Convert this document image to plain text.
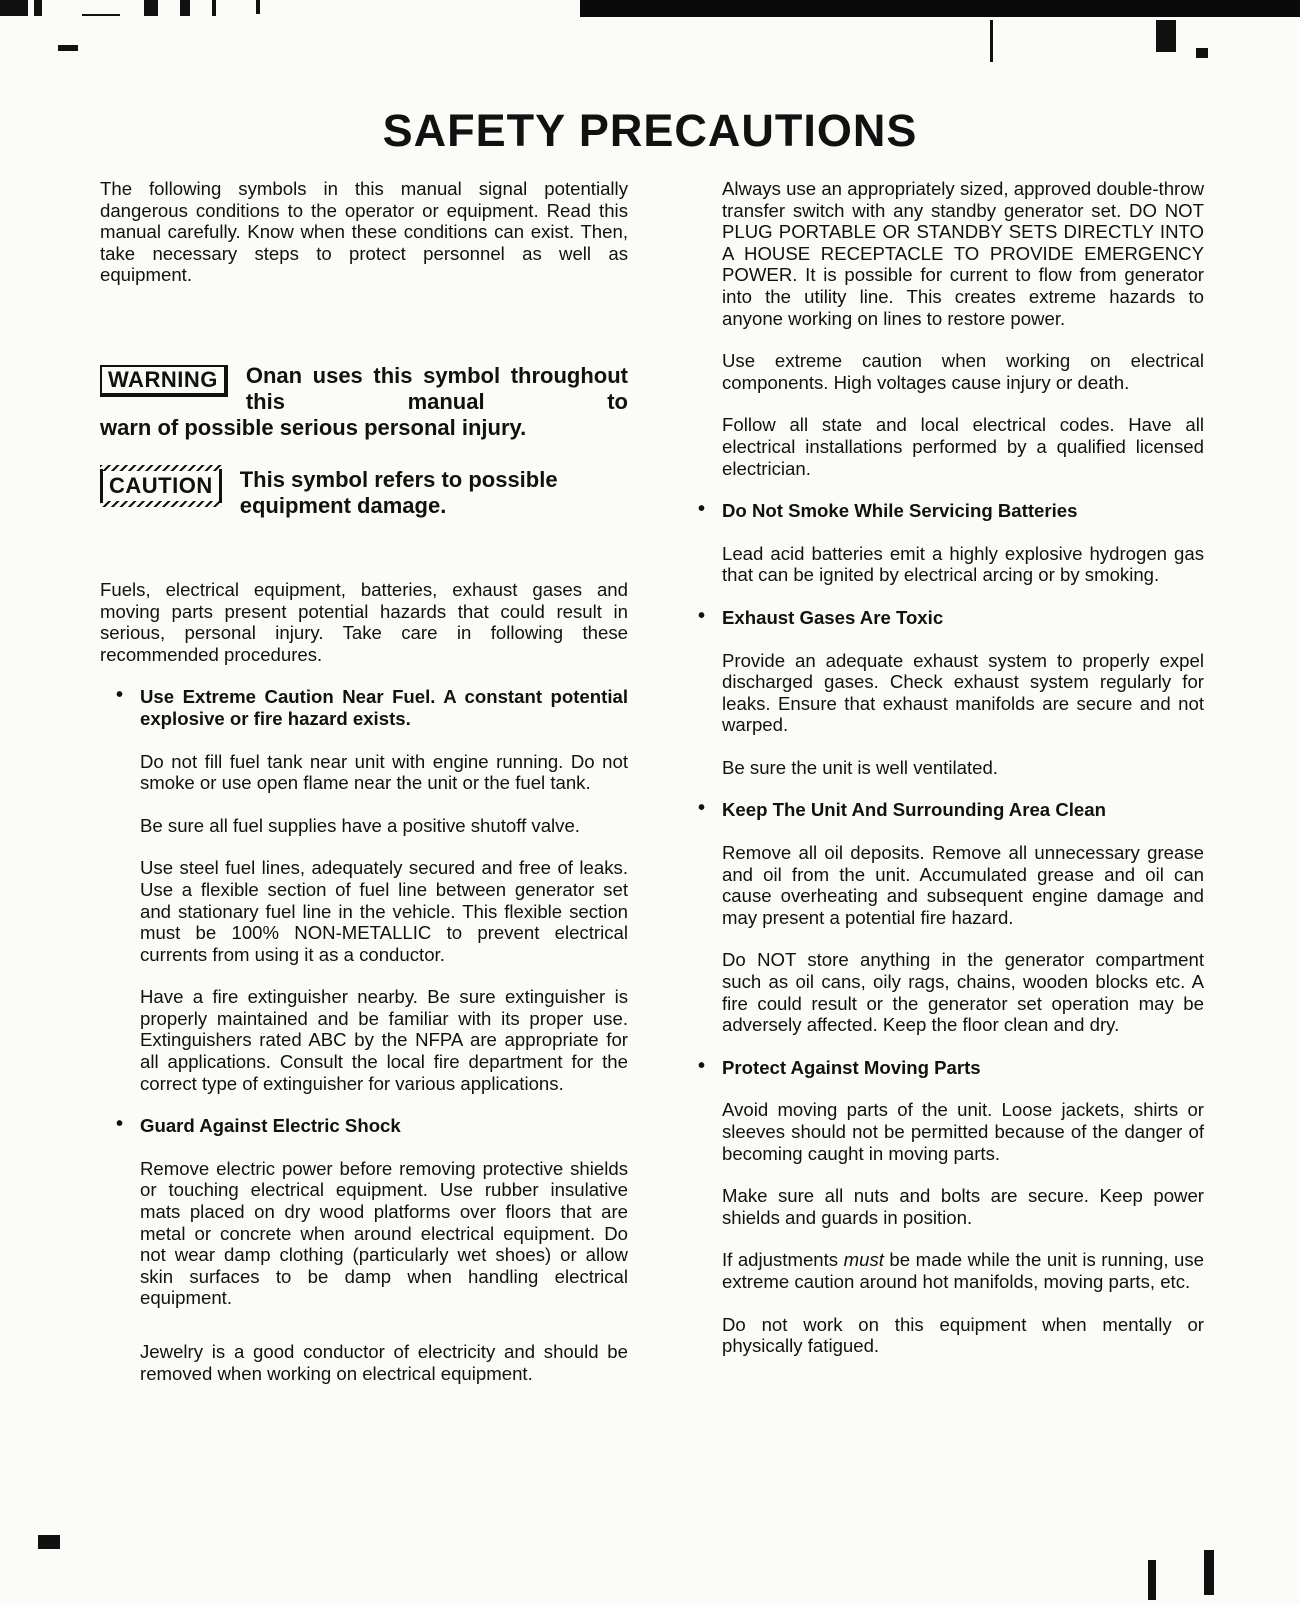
SAFETY PRECAUTIONS

The following symbols in this manual signal potentially dangerous conditions to the operator or equipment. Read this manual carefully. Know when these conditions can exist. Then, take necessary steps to protect personnel as well as equipment.

WARNING	Onan uses this symbol throughout this manual to

warn of possible serious personal injury.

CAUTION	This symbol refers to possible equipment damage.

Fuels, electrical equipment, batteries, exhaust gases and moving parts present potential hazards that could result in serious, personal injury. Take care in following these recommended procedures.

• Use Extreme Caution Near Fuel. A constant potential explosive or fire hazard exists.

Do not fill fuel tank near unit with engine running. Do not smoke or use open flame near the unit or the fuel tank.

Be sure all fuel supplies have a positive shutoff valve.

Use steel fuel lines, adequately secured and free of leaks. Use a flexible section of fuel line between generator set and stationary fuel line in the vehicle. This flexible section must be 100% NON-METALLIC to prevent electrical currents from using it as a conductor.

Have a fire extinguisher nearby. Be sure extinguisher is properly maintained and be familiar with its proper use. Extinguishers rated ABC by the NFPA are appropriate for all applications. Consult the local fire department for the correct type of extinguisher for various applications.

• Guard Against Electric Shock

Remove electric power before removing protective shields or touching electrical equipment. Use rubber insulative mats placed on dry wood platforms over floors that are metal or concrete when around electrical equipment. Do not wear damp clothing (particularly wet shoes) or allow skin surfaces to be damp when handling electrical equipment.

Jewelry is a good conductor of electricity and should be removed when working on electrical equipment.

Always use an appropriately sized, approved double-throw transfer switch with any standby generator set. DO NOT PLUG PORTABLE OR STANDBY SETS DIRECTLY INTO A HOUSE RECEPTACLE TO PROVIDE EMERGENCY POWER. It is possible for current to flow from generator into the utility line. This creates extreme hazards to anyone working on lines to restore power.

Use extreme caution when working on electrical components. High voltages cause injury or death.

Follow all state and local electrical codes. Have all electrical installations performed by a qualified licensed electrician.

• Do Not Smoke While Servicing Batteries

Lead acid batteries emit a highly explosive hydrogen gas that can be ignited by electrical arcing or by smoking.

• Exhaust Gases Are Toxic

Provide an adequate exhaust system to properly expel discharged gases. Check exhaust system regularly for leaks. Ensure that exhaust manifolds are secure and not warped.

Be sure the unit is well ventilated.

• Keep The Unit And Surrounding Area Clean

Remove all oil deposits. Remove all unnecessary grease and oil from the unit. Accumulated grease and oil can cause overheating and subsequent engine damage and may present a potential fire hazard.

Do NOT store anything in the generator compartment such as oil cans, oily rags, chains, wooden blocks etc. A fire could result or the generator set operation may be adversely affected. Keep the floor clean and dry.

• Protect Against Moving Parts

Avoid moving parts of the unit. Loose jackets, shirts or sleeves should not be permitted because of the danger of becoming caught in moving parts.

Make sure all nuts and bolts are secure. Keep power shields and guards in position.

If adjustments must be made while the unit is running, use extreme caution around hot manifolds, moving parts, etc.

Do not work on this equipment when mentally or physically fatigued.
